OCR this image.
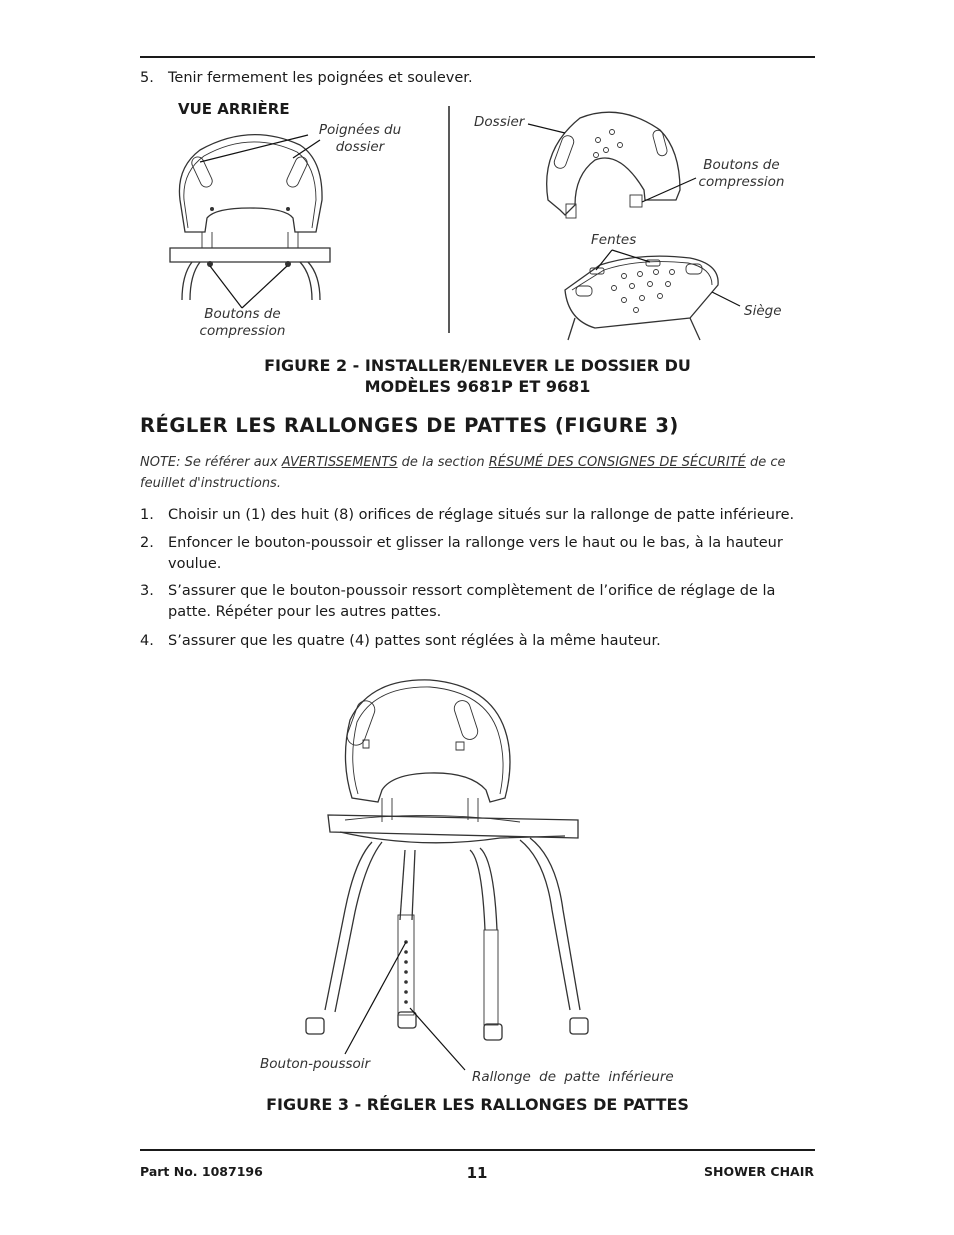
5. Tenir fermement les poignées et soulever.
VUE ARRIÈRE
Poignées du dossier
Boutons de compression
Dossier
Boutons de compression
Fentes
Siège
FIGURE 2 - INSTALLER/ENLEVER LE DOSSIER DU
MODÈLES 9681P ET 9681
RÉGLER LES RALLONGES DE PATTES (FIGURE 3)
NOTE: Se référer aux AVERTISSEMENTS de la section RÉSUMÉ DES CONSIGNES DE SÉCURITÉ de ce feuillet d'instructions.
1. Choisir un (1) des huit (8) orifices de réglage situés sur la rallonge de patte inférieure.
2. Enfoncer le bouton-poussoir et glisser la rallonge vers le haut ou le bas, à la hauteur voulue.
3. S’assurer que le bouton-poussoir ressort complètement de l’orifice de réglage de la patte. Répéter pour les autres pattes.
4. S’assurer que les quatre (4) pattes sont réglées à la même hauteur.
Bouton-poussoir
Rallonge de patte inférieure
FIGURE 3 - RÉGLER LES RALLONGES DE PATTES
Part No. 1087196	11	SHOWER CHAIR
